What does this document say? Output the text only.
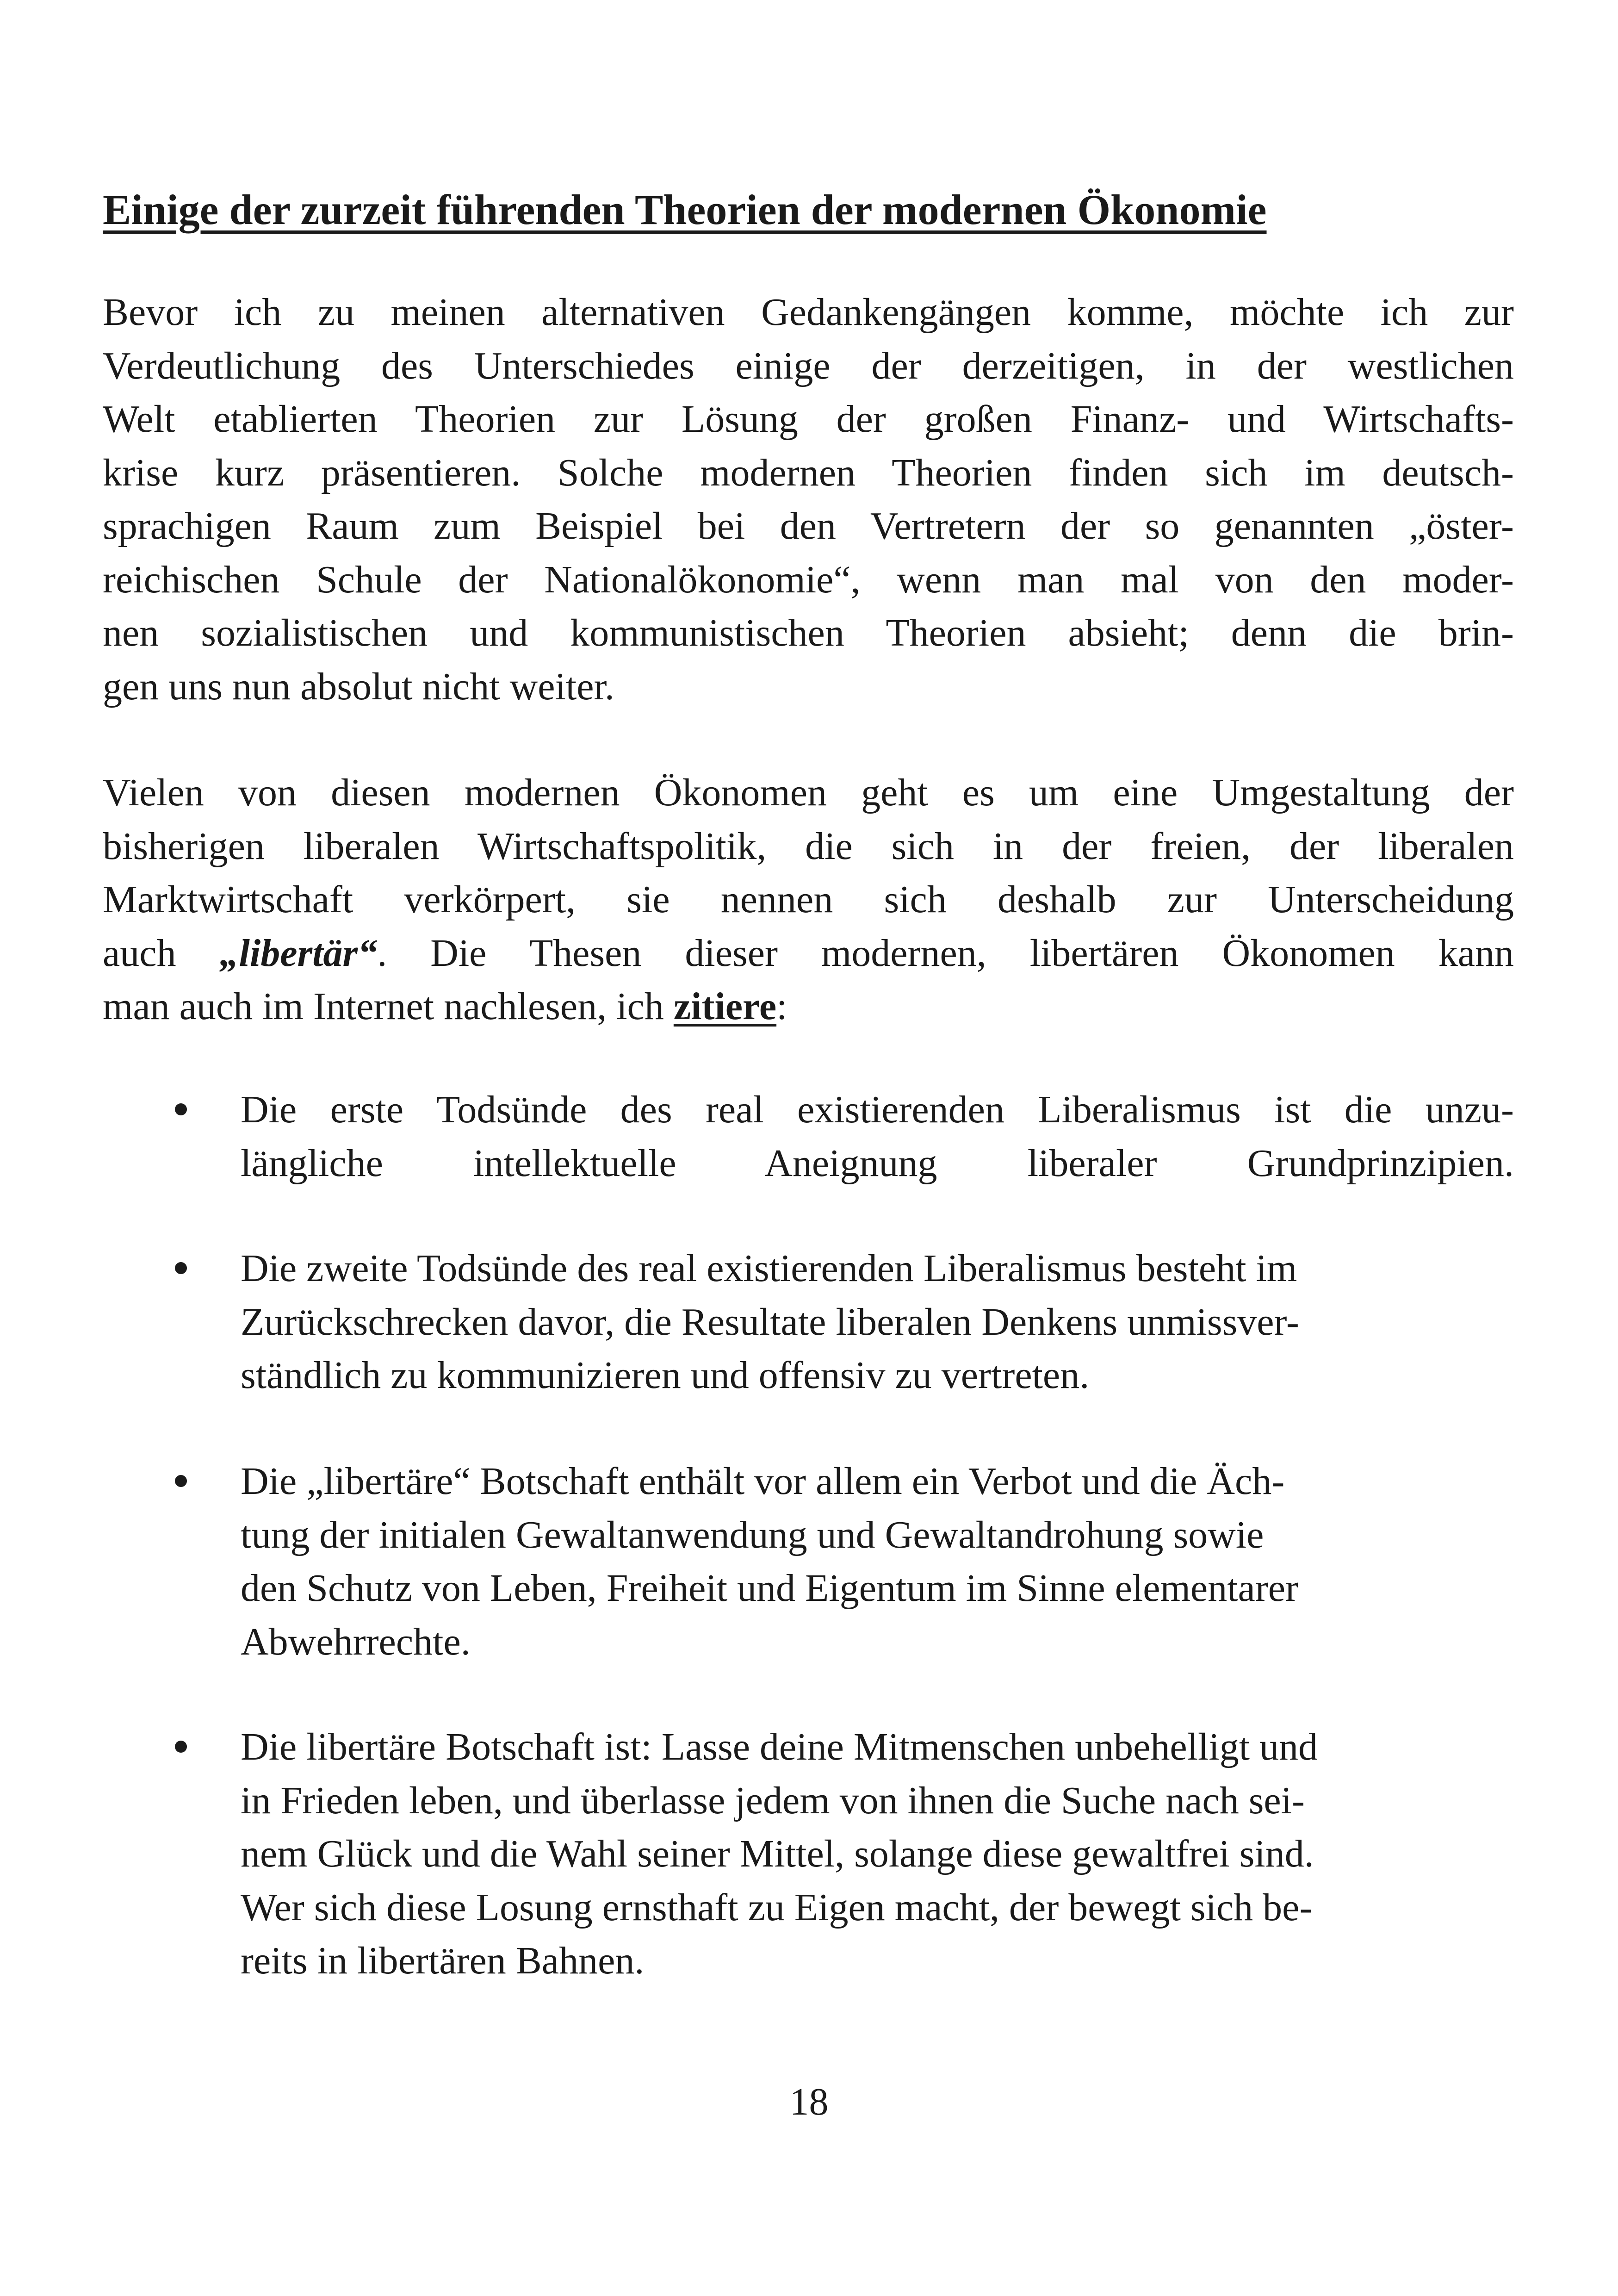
Einige der zurzeit führenden Theorien der modernen Ökonomie

Bevor ich zu meinen alternativen Gedankengängen komme, möchte ich zur
Verdeutlichung des Unterschiedes einige der derzeitigen, in der westlichen
Welt etablierten Theorien zur Lösung der großen Finanz- und Wirtschafts-
krise kurz präsentieren. Solche modernen Theorien finden sich im deutsch-
sprachigen Raum zum Beispiel bei den Vertretern der so genannten „öster-
reichischen Schule der Nationalökonomie“, wenn man mal von den moder-
nen sozialistischen und kommunistischen Theorien absieht; denn die brin-
gen uns nun absolut nicht weiter.

Vielen von diesen modernen Ökonomen geht es um eine Umgestaltung der
bisherigen liberalen Wirtschaftspolitik, die sich in der freien, der liberalen
Marktwirtschaft verkörpert, sie nennen sich deshalb zur Unterscheidung
auch „libertär“. Die Thesen dieser modernen, libertären Ökonomen kann
man auch im Internet nachlesen, ich zitiere:

Die erste Todsünde des real existierenden Liberalismus ist die unzu-
längliche intellektuelle Aneignung liberaler Grundprinzipien.

Die zweite Todsünde des real existierenden Liberalismus besteht im
Zurückschrecken davor, die Resultate liberalen Denkens unmissver-
ständlich zu kommunizieren und offensiv zu vertreten.

Die „libertäre“ Botschaft enthält vor allem ein Verbot und die Äch-
tung der initialen Gewaltanwendung und Gewaltandrohung sowie
den Schutz von Leben, Freiheit und Eigentum im Sinne elementarer
Abwehrrechte.

Die libertäre Botschaft ist: Lasse deine Mitmenschen unbehelligt und
in Frieden leben, und überlasse jedem von ihnen die Suche nach sei-
nem Glück und die Wahl seiner Mittel, solange diese gewaltfrei sind.
Wer sich diese Losung ernsthaft zu Eigen macht, der bewegt sich be-
reits in libertären Bahnen.

18
